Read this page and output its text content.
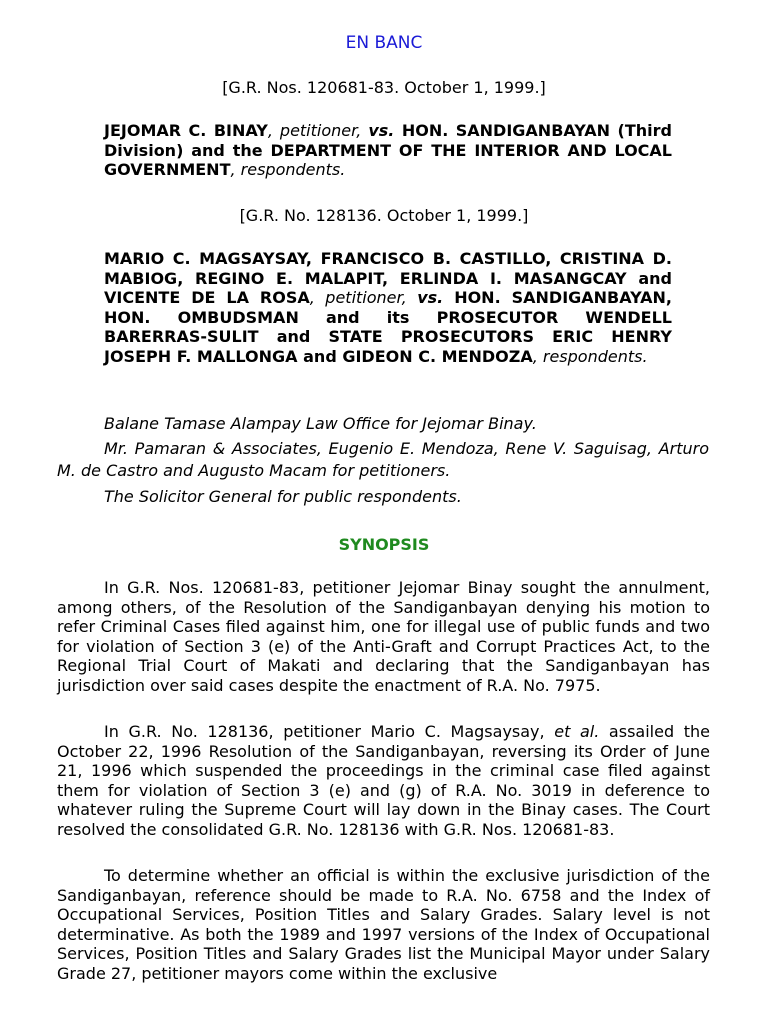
EN BANC
[G.R. Nos. 120681-83. October 1, 1999.]
JEJOMAR C. BINAY, petitioner, vs. HON. SANDIGANBAYAN (Third Division) and the DEPARTMENT OF THE INTERIOR AND LOCAL GOVERNMENT, respondents.
[G.R. No. 128136. October 1, 1999.]
MARIO C. MAGSAYSAY, FRANCISCO B. CASTILLO, CRISTINA D. MABIOG, REGINO E. MALAPIT, ERLINDA I. MASANGCAY and VICENTE DE LA ROSA, petitioner, vs. HON. SANDIGANBAYAN, HON. OMBUDSMAN and its PROSECUTOR WENDELL BARERRAS-SULIT and STATE PROSECUTORS ERIC HENRY JOSEPH F. MALLONGA and GIDEON C. MENDOZA, respondents.
Balane Tamase Alampay Law Office for Jejomar Binay.
Mr. Pamaran & Associates, Eugenio E. Mendoza, Rene V. Saguisag, Arturo M. de Castro and Augusto Macam for petitioners.
The Solicitor General for public respondents.
SYNOPSIS

In G.R. Nos. 120681-83, petitioner Jejomar Binay sought the annulment, among others, of the Resolution of the Sandiganbayan denying his motion to refer Criminal Cases filed against him, one for illegal use of public funds and two for violation of Section 3 (e) of the Anti-Graft and Corrupt Practices Act, to the Regional Trial Court of Makati and declaring that the Sandiganbayan has jurisdiction over said cases despite the enactment of R.A. No. 7975.

In G.R. No. 128136, petitioner Mario C. Magsaysay, et al. assailed the October 22, 1996 Resolution of the Sandiganbayan, reversing its Order of June 21, 1996 which suspended the proceedings in the criminal case filed against them for violation of Section 3 (e) and (g) of R.A. No. 3019 in deference to whatever ruling the Supreme Court will lay down in the Binay cases. The Court resolved the consolidated G.R. No. 128136 with G.R. Nos. 120681-83.

To determine whether an official is within the exclusive jurisdiction of the Sandiganbayan, reference should be made to R.A. No. 6758 and the Index of Occupational Services, Position Titles and Salary Grades. Salary level is not determinative. As both the 1989 and 1997 versions of the Index of Occupational Services, Position Titles and Salary Grades list the Municipal Mayor under Salary Grade 27, petitioner mayors come within the exclusive
